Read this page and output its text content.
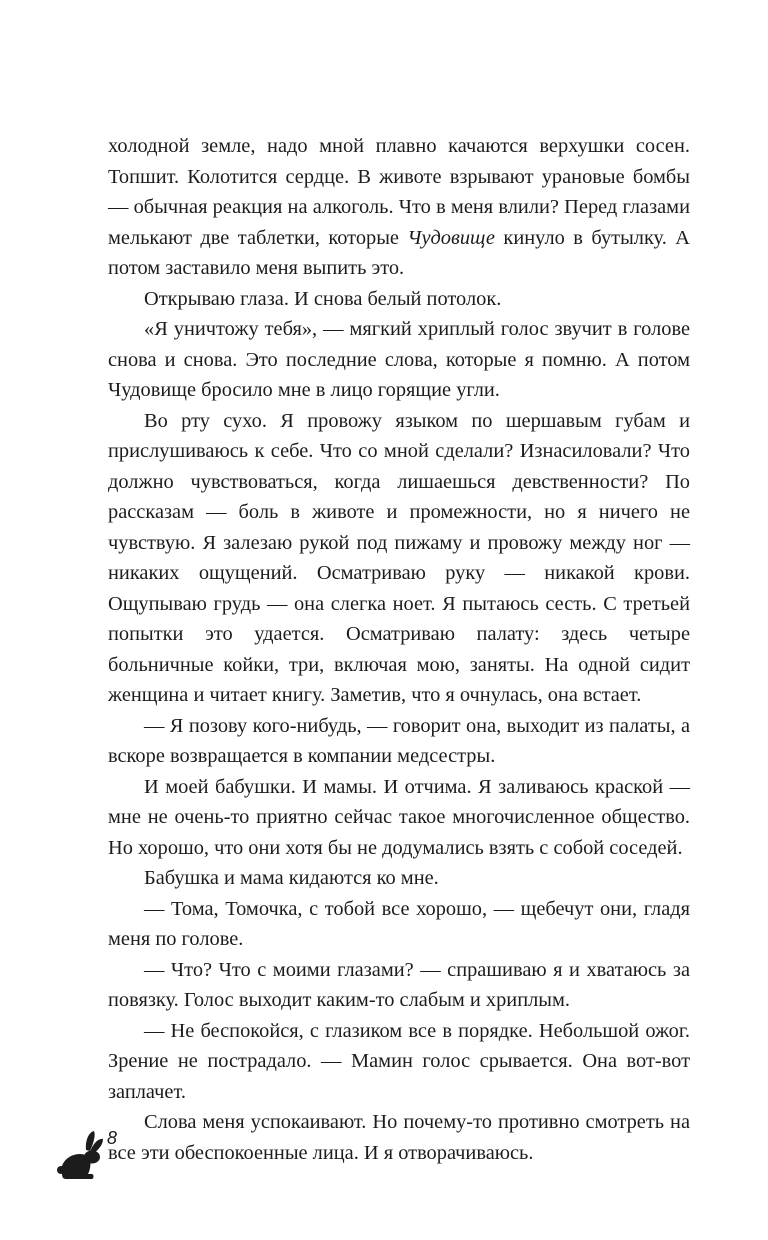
холодной земле, надо мной плавно качаются верхушки сосен. Топшит. Колотится сердце. В животе взрывают урановые бомбы — обычная реакция на алкоголь. Что в меня влили? Перед глазами мелькают две таблетки, которые Чудовище кинуло в бутылку. А потом заставило меня выпить это.

Открываю глаза. И снова белый потолок.

«Я уничтожу тебя», — мягкий хриплый голос звучит в голове снова и снова. Это последние слова, которые я помню. А потом Чудовище бросило мне в лицо горящие угли.

Во рту сухо. Я провожу языком по шершавым губам и прислушиваюсь к себе. Что со мной сделали? Изнасиловали? Что должно чувствоваться, когда лишаешься девственности? По рассказам — боль в животе и промежности, но я ничего не чувствую. Я залезаю рукой под пижаму и провожу между ног — никаких ощущений. Осматриваю руку — никакой крови. Ощупываю грудь — она слегка ноет. Я пытаюсь сесть. С третьей попытки это удается. Осматриваю палату: здесь четыре больничные койки, три, включая мою, заняты. На одной сидит женщина и читает книгу. Заметив, что я очнулась, она встает.

— Я позову кого-нибудь, — говорит она, выходит из палаты, а вскоре возвращается в компании медсестры.

И моей бабушки. И мамы. И отчима. Я заливаюсь краской — мне не очень-то приятно сейчас такое многочисленное общество. Но хорошо, что они хотя бы не додумались взять с собой соседей.

Бабушка и мама кидаются ко мне.

— Тома, Томочка, с тобой все хорошо, — щебечут они, гладя меня по голове.

— Что? Что с моими глазами? — спрашиваю я и хватаюсь за повязку. Голос выходит каким-то слабым и хриплым.

— Не беспокойся, с глазиком все в порядке. Небольшой ожог. Зрение не пострадало. — Мамин голос срывается. Она вот-вот заплачет.

Слова меня успокаивают. Но почему-то противно смотреть на все эти обеспокоенные лица. И я отворачиваюсь.

8
